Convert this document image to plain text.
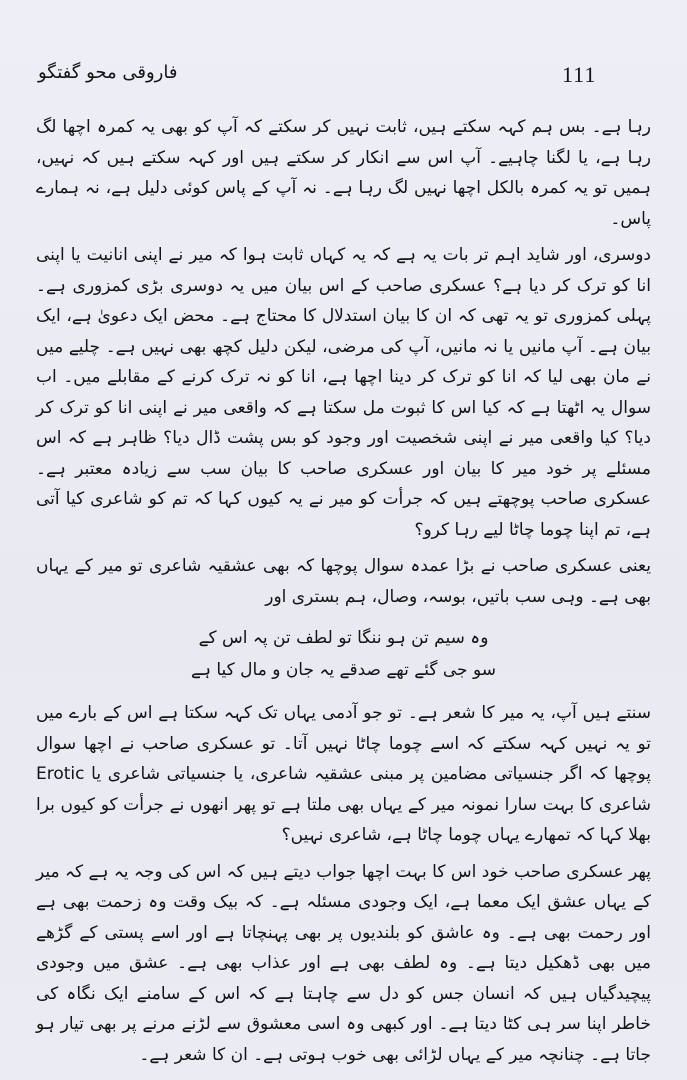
فاروقی محو گفتگو	111

رہا ہے۔ بس ہم کہہ سکتے ہیں، ثابت نہیں کر سکتے کہ آپ کو بھی یہ کمرہ اچھا لگ رہا ہے، یا لگنا چاہیے۔ آپ اس سے انکار کر سکتے ہیں اور کہہ سکتے ہیں کہ نہیں، ہمیں تو یہ کمرہ بالکل اچھا نہیں لگ رہا ہے۔ نہ آپ کے پاس کوئی دلیل ہے، نہ ہمارے پاس۔

دوسری، اور شاید اہم تر بات یہ ہے کہ یہ کہاں ثابت ہوا کہ میر نے اپنی انانیت یا اپنی انا کو ترک کر دیا ہے؟ عسکری صاحب کے اس بیان میں یہ دوسری بڑی کمزوری ہے۔ پہلی کمزوری تو یہ تھی کہ ان کا بیان استدلال کا محتاج ہے۔ محض ایک دعویٰ ہے، ایک بیان ہے۔ آپ مانیں یا نہ مانیں، آپ کی مرضی، لیکن دلیل کچھ بھی نہیں ہے۔ چلیے میں نے مان بھی لیا کہ انا کو ترک کر دینا اچھا ہے، انا کو نہ ترک کرنے کے مقابلے میں۔ اب سوال یہ اٹھتا ہے کہ کیا اس کا ثبوت مل سکتا ہے کہ واقعی میر نے اپنی انا کو ترک کر دیا؟ کیا واقعی میر نے اپنی شخصیت اور وجود کو بس پشت ڈال دیا؟ ظاہر ہے کہ اس مسئلے پر خود میر کا بیان اور عسکری صاحب کا بیان سب سے زیادہ معتبر ہے۔ عسکری صاحب پوچھتے ہیں کہ جرأت کو میر نے یہ کیوں کہا کہ تم کو شاعری کیا آتی ہے، تم اپنا چوما چاٹا لیے رہا کرو؟

یعنی عسکری صاحب نے بڑا عمدہ سوال پوچھا کہ بھی عشقیہ شاعری تو میر کے یہاں بھی ہے۔ وہی سب باتیں، بوسہ، وصال، ہم بستری اور

وہ سیم تن ہو ننگا تو لطف تن پہ اس کے
سو جی گئے تھے صدقے یہ جان و مال کیا ہے

سنتے ہیں آپ، یہ میر کا شعر ہے۔ تو جو آدمی یہاں تک کہہ سکتا ہے اس کے بارے میں تو یہ نہیں کہہ سکتے کہ اسے چوما چاٹا نہیں آتا۔ تو عسکری صاحب نے اچھا سوال پوچھا کہ اگر جنسیاتی مضامین پر مبنی عشقیہ شاعری، یا جنسیاتی شاعری یا Erotic شاعری کا بہت سارا نمونہ میر کے یہاں بھی ملتا ہے تو پھر انھوں نے جرأت کو کیوں برا بھلا کہا کہ تمھارے یہاں چوما چاٹا ہے، شاعری نہیں؟

پھر عسکری صاحب خود اس کا بہت اچھا جواب دیتے ہیں کہ اس کی وجہ یہ ہے کہ میر کے یہاں عشق ایک معما ہے، ایک وجودی مسئلہ ہے۔ کہ بیک وقت وہ زحمت بھی ہے اور رحمت بھی ہے۔ وہ عاشق کو بلندیوں پر بھی پہنچاتا ہے اور اسے پستی کے گڑھے میں بھی ڈھکیل دیتا ہے۔ وہ لطف بھی ہے اور عذاب بھی ہے۔ عشق میں وجودی پیچیدگیاں ہیں کہ انسان جس کو دل سے چاہتا ہے کہ اس کے سامنے ایک نگاہ کی خاطر اپنا سر ہی کٹا دیتا ہے۔ اور کبھی وہ اسی معشوق سے لڑنے مرنے پر بھی تیار ہو جاتا ہے۔ چنانچہ میر کے یہاں لڑائی بھی خوب ہوتی ہے۔ ان کا شعر ہے۔
